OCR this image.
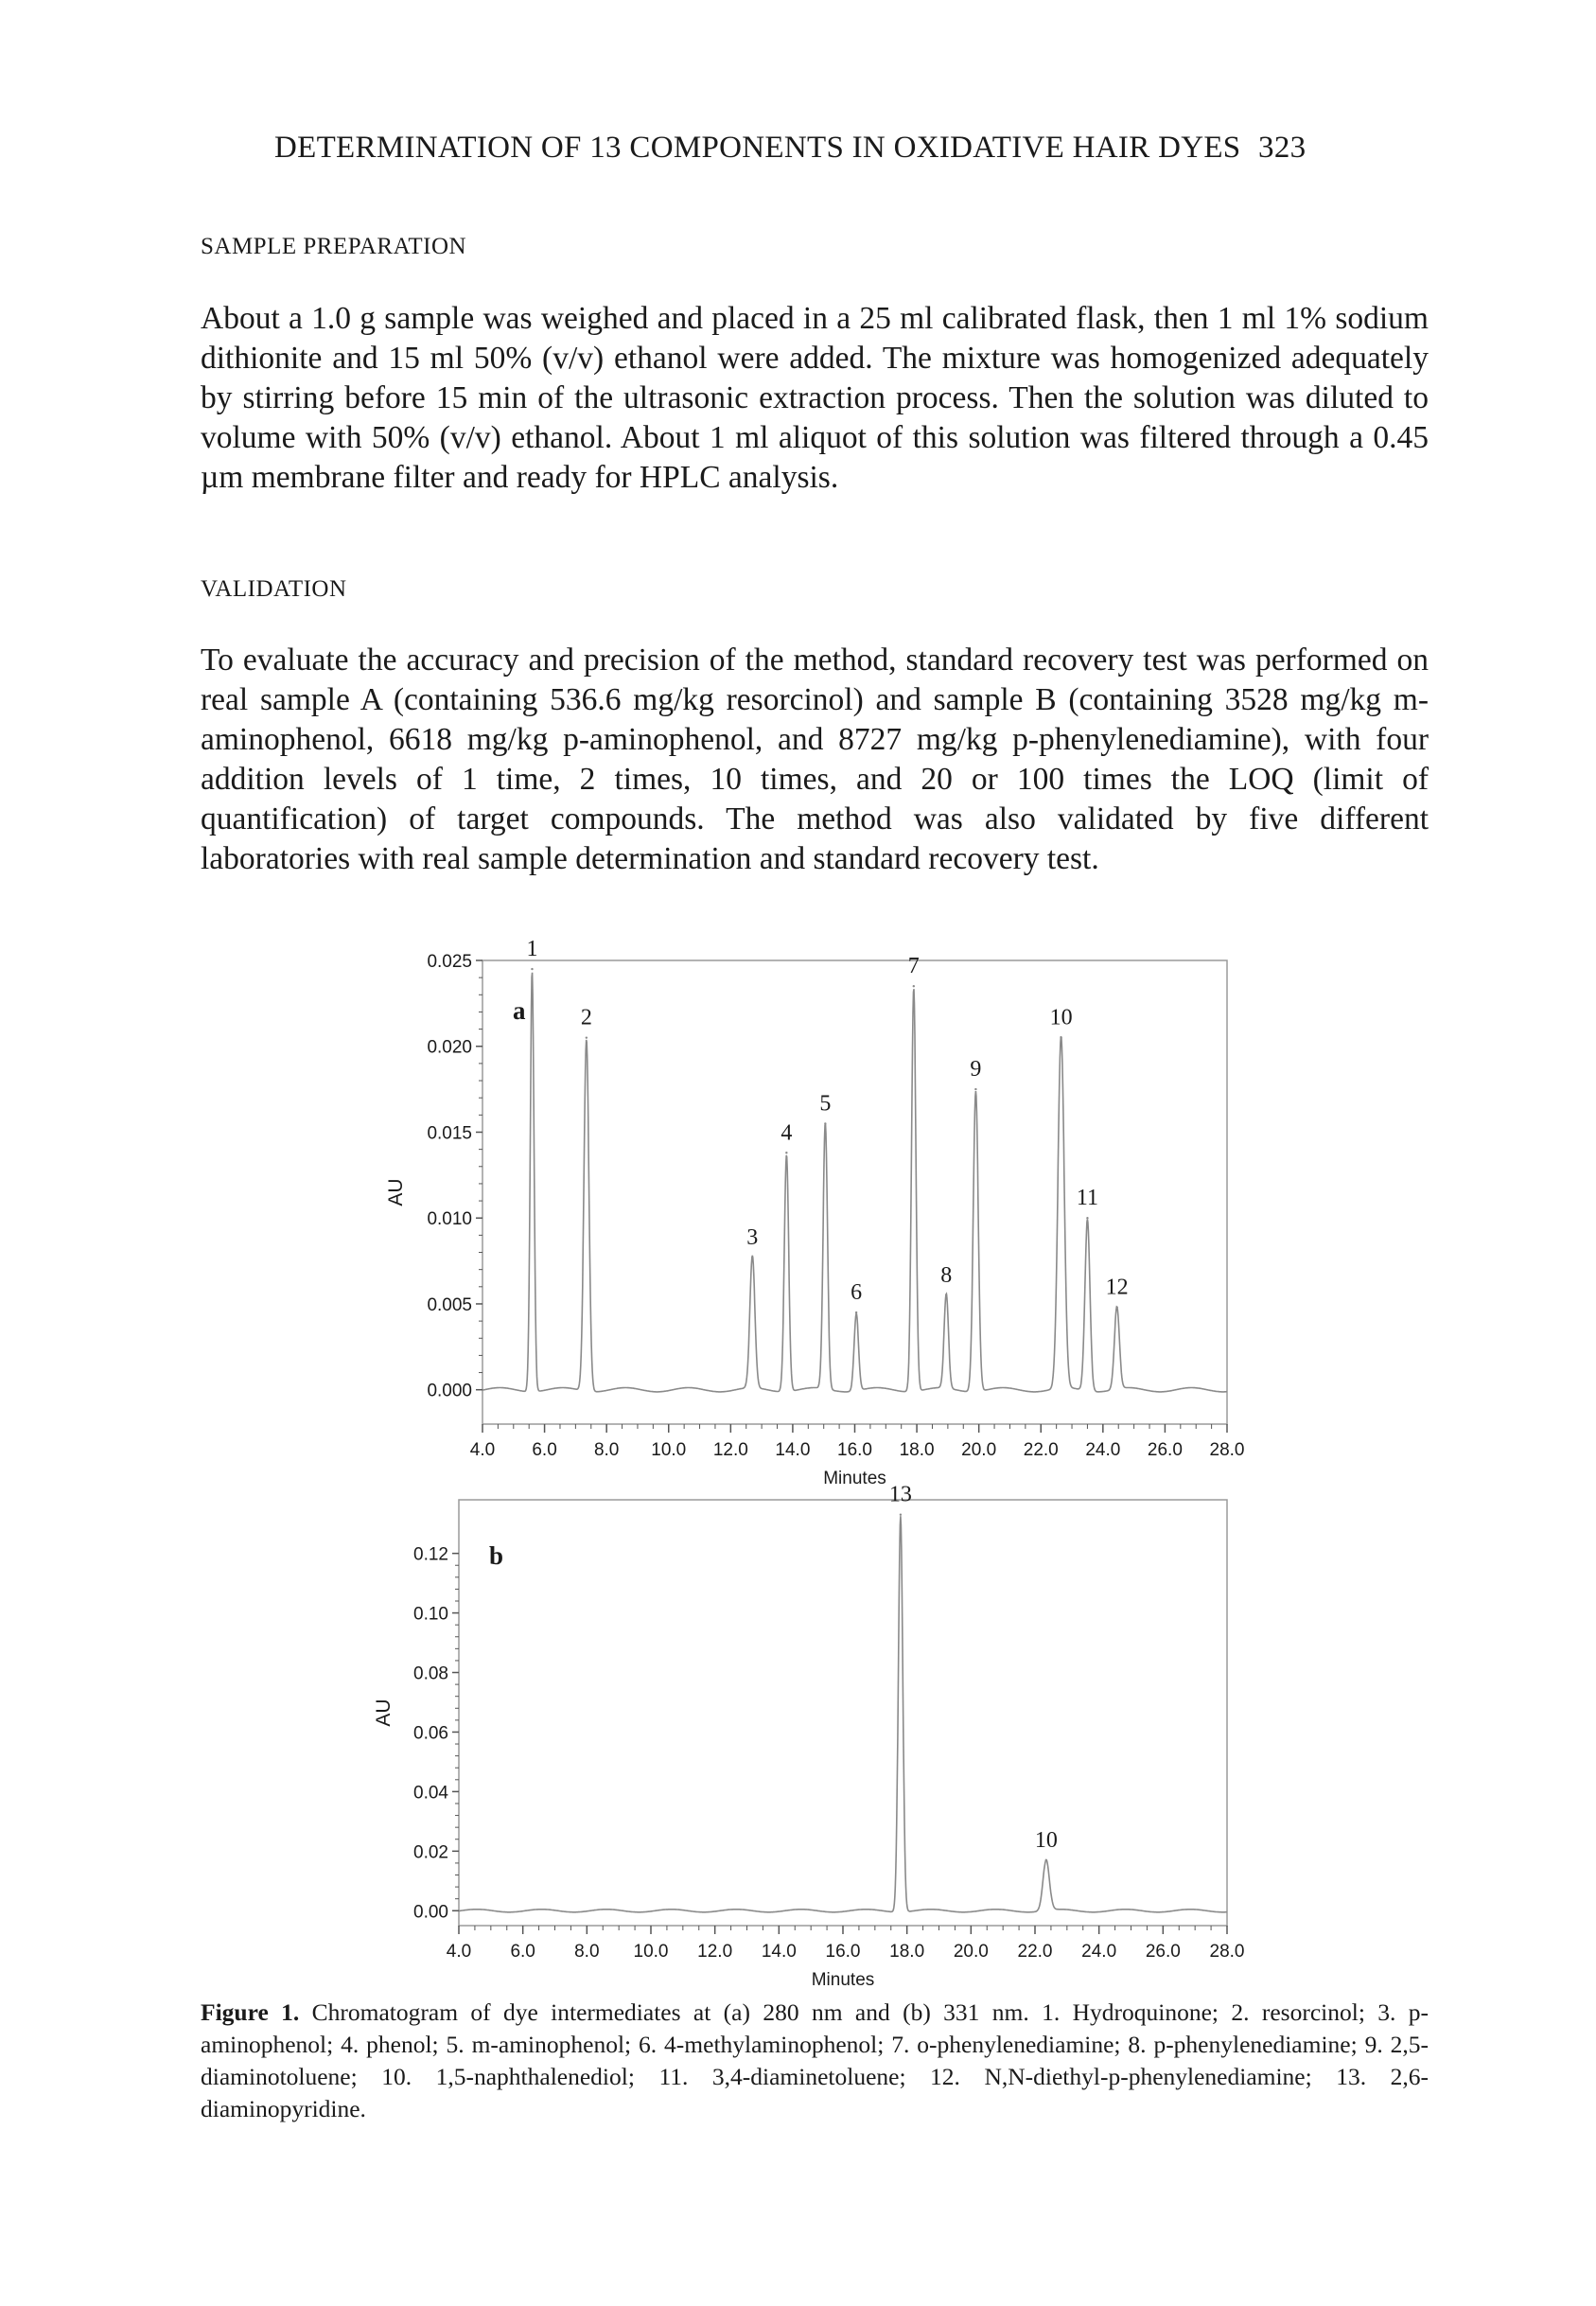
DETERMINATION OF 13 COMPONENTS IN OXIDATIVE HAIR DYES 323
SAMPLE PREPARATION

About a 1.0 g sample was weighed and placed in a 25 ml calibrated flask, then 1 ml 1% sodium dithionite and 15 ml 50% (v/v) ethanol were added. The mixture was homogenized adequately by stirring before 15 min of the ultrasonic extraction process. Then the solution was diluted to volume with 50% (v/v) ethanol. About 1 ml aliquot of this solution was filtered through a 0.45 µm membrane filter and ready for HPLC analysis.

VALIDATION

To evaluate the accuracy and precision of the method, standard recovery test was performed on real sample A (containing 536.6 mg/kg resorcinol) and sample B (containing 3528 mg/kg m-aminophenol, 6618 mg/kg p-aminophenol, and 8727 mg/kg p-phenylenediamine), with four addition levels of 1 time, 2 times, 10 times, and 20 or 100 times the LOQ (limit of quantification) of target compounds. The method was also validated by five different laboratories with real sample determination and standard recovery test.

0.000
0.005
0.010
0.015
0.020
0.025
4.0 6.0 8.0 10.0 12.0 14.0 16.0 18.0 20.0 22.0 24.0 26.0 28.0
Minutes
AU
a
1
2
3
4
5
6
7
8
9
10
11
12
0.00
0.02
0.04
0.06
0.08
0.10
0.12
4.0 6.0 8.0 10.0 12.0 14.0 16.0 18.0 20.0 22.0 24.0 26.0 28.0
Minutes
AU
b
13
10
Figure 1. Chromatogram of dye intermediates at (a) 280 nm and (b) 331 nm. 1. Hydroquinone; 2. resorcinol; 3. p-aminophenol; 4. phenol; 5. m-aminophenol; 6. 4-methylaminophenol; 7. o-phenylenediamine; 8. p-phenylenediamine; 9. 2,5-diaminotoluene; 10. 1,5-naphthalenediol; 11. 3,4-diaminetoluene; 12. N,N-diethyl-p-phenylenediamine; 13. 2,6-diaminopyridine.
